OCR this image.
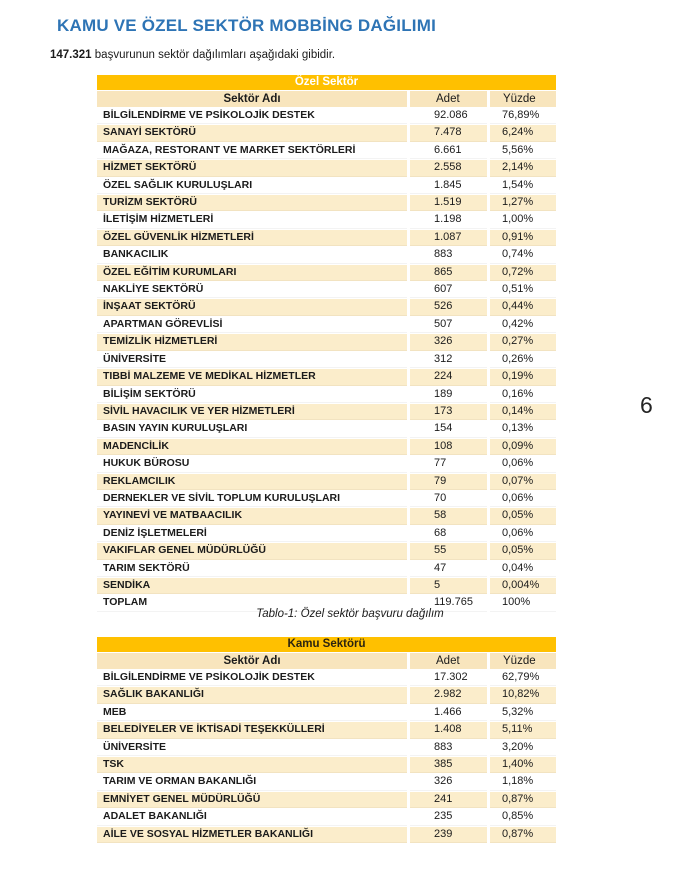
KAMU VE ÖZEL SEKTÖR MOBBİNG DAĞILIMI

147.321 başvurunun sektör dağılımları aşağıdaki gibidir.

Özel Sektör		
Sektör Adı	Adet	Yüzde
BİLGİLENDİRME VE PSİKOLOJİK DESTEK	92.086	76,89%
SANAYİ SEKTÖRÜ	7.478	6,24%
MAĞAZA, RESTORANT VE MARKET SEKTÖRLERİ	6.661	5,56%
HİZMET SEKTÖRÜ	2.558	2,14%
ÖZEL SAĞLIK KURULUŞLARI	1.845	1,54%
TURİZM SEKTÖRÜ	1.519	1,27%
İLETİŞİM HİZMETLERİ	1.198	1,00%
ÖZEL GÜVENLİK HİZMETLERİ	1.087	0,91%
BANKACILIK	883	0,74%
ÖZEL EĞİTİM KURUMLARI	865	0,72%
NAKLİYE SEKTÖRÜ	607	0,51%
İNŞAAT SEKTÖRÜ	526	0,44%
APARTMAN GÖREVLİSİ	507	0,42%
TEMİZLİK HİZMETLERİ	326	0,27%
ÜNİVERSİTE	312	0,26%
TIBBİ MALZEME VE MEDİKAL HİZMETLER	224	0,19%
BİLİŞİM SEKTÖRÜ	189	0,16%
SİVİL HAVACILIK VE YER HİZMETLERİ	173	0,14%
BASIN YAYIN KURULUŞLARI	154	0,13%
MADENCİLİK	108	0,09%
HUKUK BÜROSU	77	0,06%
REKLAMCILIK	79	0,07%
DERNEKLER VE SİVİL TOPLUM KURULUŞLARI	70	0,06%
YAYINEVİ VE MATBAACILIK	58	0,05%
DENİZ İŞLETMELERİ	68	0,06%
VAKIFLAR GENEL MÜDÜRLÜĞÜ	55	0,05%
TARIM SEKTÖRÜ	47	0,04%
SENDİKA	5	0,004%
TOPLAM	119.765	100%
Tablo-1: Özel sektör başvuru dağılım
Kamu Sektörü		
Sektör Adı	Adet	Yüzde
BİLGİLENDİRME VE PSİKOLOJİK DESTEK	17.302	62,79%
SAĞLIK BAKANLIĞI	2.982	10,82%
MEB	1.466	5,32%
BELEDİYELER VE İKTİSADİ TEŞEKKÜLLERİ	1.408	5,11%
ÜNİVERSİTE	883	3,20%
TSK	385	1,40%
TARIM VE ORMAN BAKANLIĞI	326	1,18%
EMNİYET GENEL MÜDÜRLÜĞÜ	241	0,87%
ADALET BAKANLIĞI	235	0,85%
AİLE VE SOSYAL HİZMETLER BAKANLIĞI	239	0,87%
6
